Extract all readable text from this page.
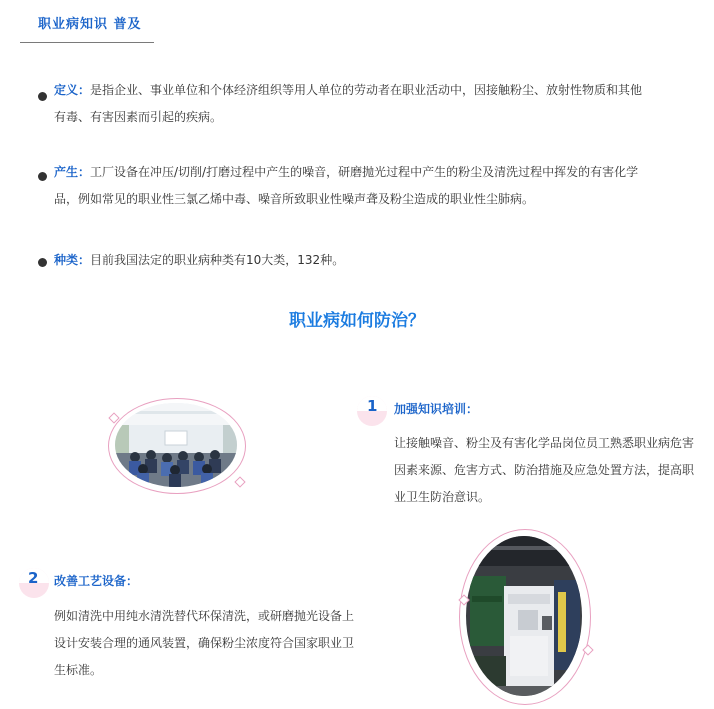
职业病知识 普及
定义：是指企业、事业单位和个体经济组织等用人单位的劳动者在职业活动中，因接触粉尘、放射性物质和其他有毒、有害因素而引起的疾病。
产生：工厂设备在冲压/切削/打磨过程中产生的噪音，研磨抛光过程中产生的粉尘及清洗过程中挥发的有害化学品，例如常见的职业性三氯乙烯中毒、噪音所致职业性噪声聋及粉尘造成的职业性尘肺病。
种类：目前我国法定的职业病种类有10大类，132种。
职业病如何防治？
1 加强知识培训：
让接触噪音、粉尘及有害化学品岗位员工熟悉职业病危害因素来源、危害方式、防治措施及应急处置方法，提高职业卫生防治意识。
2 改善工艺设备：
例如清洗中用纯水清洗替代环保清洗，或研磨抛光设备上设计安装合理的通风装置，确保粉尘浓度符合国家职业卫生标准。
